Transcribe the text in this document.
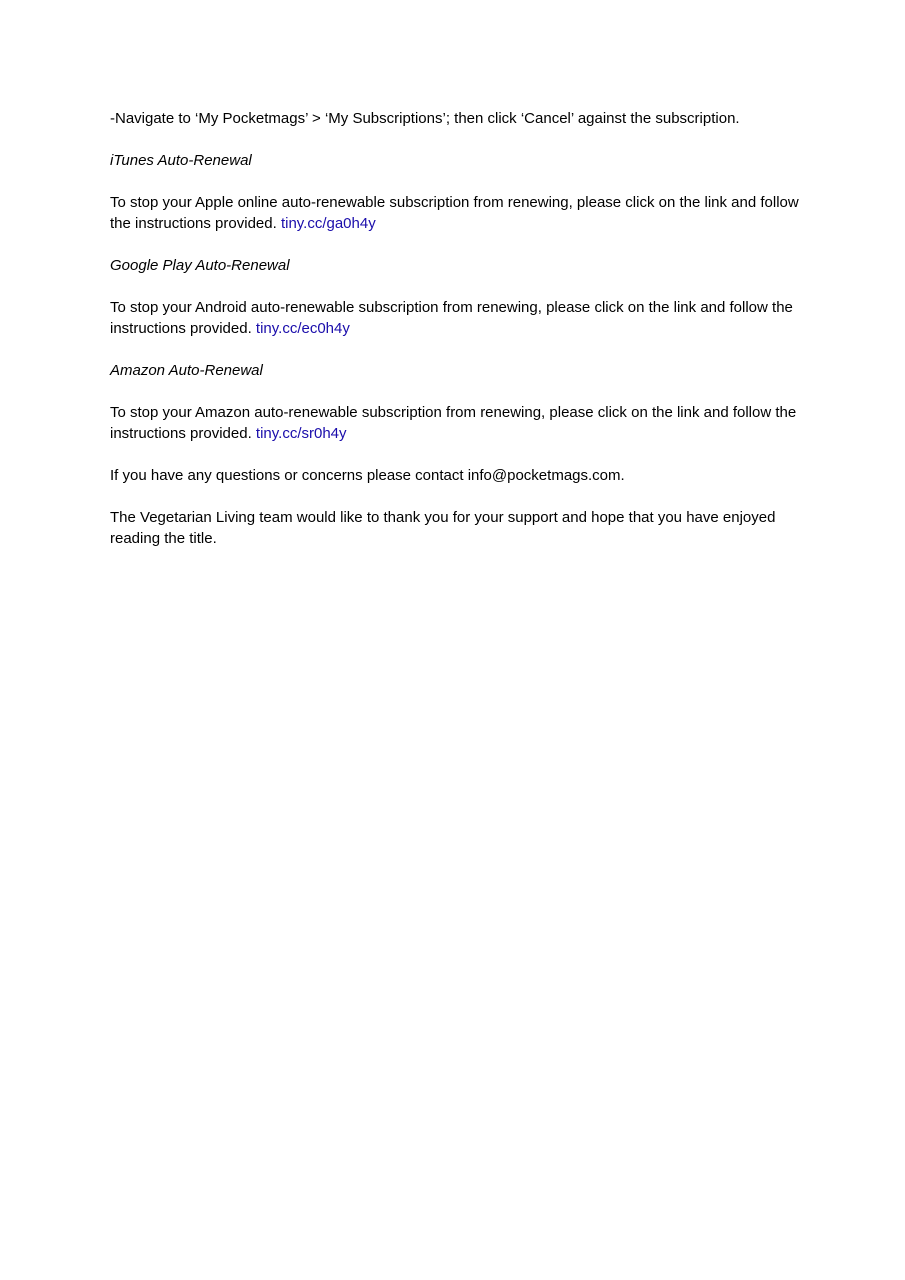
-Navigate to ‘My Pocketmags’ > ‘My Subscriptions’; then click ‘Cancel’ against the subscription.

iTunes Auto-Renewal

To stop your Apple online auto-renewable subscription from renewing, please click on the link and follow the instructions provided. tiny.cc/ga0h4y

Google Play Auto-Renewal

To stop your Android auto-renewable subscription from renewing, please click on the link and follow the instructions provided. tiny.cc/ec0h4y

Amazon Auto-Renewal

To stop your Amazon auto-renewable subscription from renewing, please click on the link and follow the instructions provided. tiny.cc/sr0h4y

If you have any questions or concerns please contact info@pocketmags.com.

The Vegetarian Living team would like to thank you for your support and hope that you have enjoyed reading the title.
